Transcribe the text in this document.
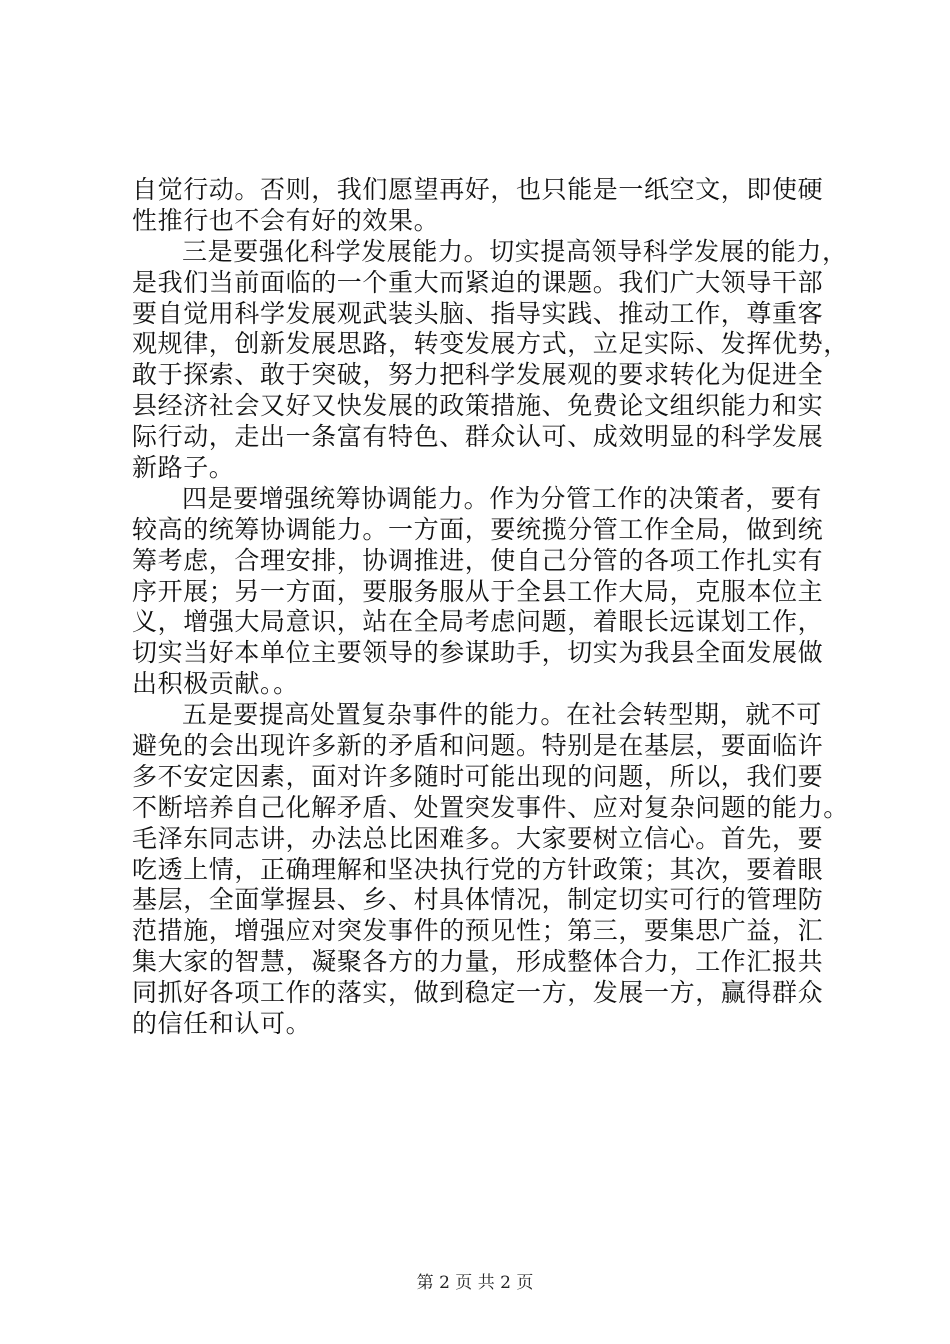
自觉行动。否则，我们愿望再好，也只能是一纸空文，即使硬
性推行也不会有好的效果。
三是要强化科学发展能力。切实提高领导科学发展的能力，
是我们当前面临的一个重大而紧迫的课题。我们广大领导干部
要自觉用科学发展观武装头脑、指导实践、推动工作，尊重客
观规律，创新发展思路，转变发展方式，立足实际、发挥优势，
敢于探索、敢于突破，努力把科学发展观的要求转化为促进全
县经济社会又好又快发展的政策措施、免费论文组织能力和实
际行动，走出一条富有特色、群众认可、成效明显的科学发展
新路子。
四是要增强统筹协调能力。作为分管工作的决策者，要有
较高的统筹协调能力。一方面，要统揽分管工作全局，做到统
筹考虑，合理安排，协调推进，使自己分管的各项工作扎实有
序开展；另一方面，要服务服从于全县工作大局，克服本位主
义，增强大局意识，站在全局考虑问题，着眼长远谋划工作，
切实当好本单位主要领导的参谋助手，切实为我县全面发展做
出积极贡献。。
五是要提高处置复杂事件的能力。在社会转型期，就不可
避免的会出现许多新的矛盾和问题。特别是在基层，要面临许
多不安定因素，面对许多随时可能出现的问题，所以，我们要
不断培养自己化解矛盾、处置突发事件、应对复杂问题的能力。
毛泽东同志讲，办法总比困难多。大家要树立信心。首先，要
吃透上情，正确理解和坚决执行党的方针政策；其次，要着眼
基层，全面掌握县、乡、村具体情况，制定切实可行的管理防
范措施，增强应对突发事件的预见性；第三，要集思广益，汇
集大家的智慧，凝聚各方的力量，形成整体合力，工作汇报共
同抓好各项工作的落实，做到稳定一方，发展一方，赢得群众
的信任和认可。
第 2 页 共 2 页
